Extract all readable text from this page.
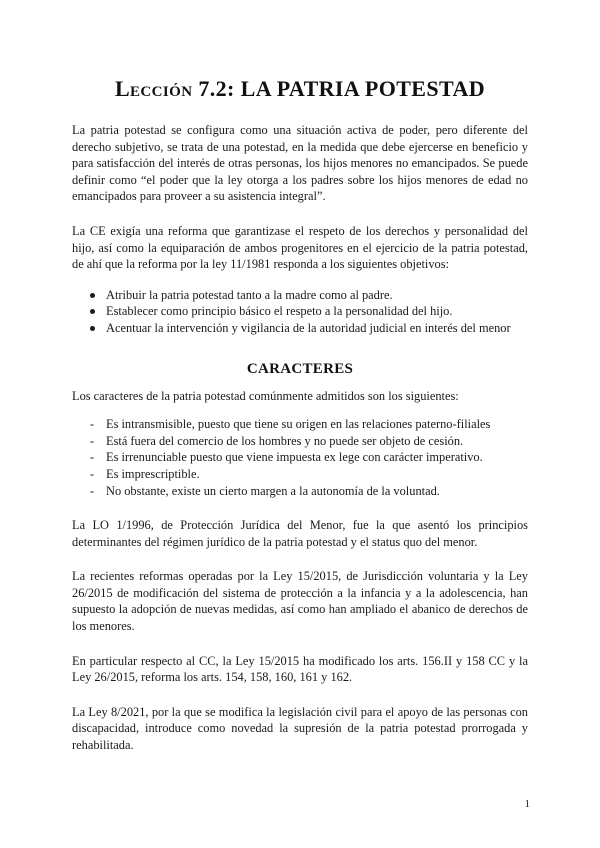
Lección 7.2: LA PATRIA POTESTAD

La patria potestad se configura como una situación activa de poder, pero diferente del derecho subjetivo, se trata de una potestad, en la medida que debe ejercerse en beneficio y para satisfacción del interés de otras personas, los hijos menores no emancipados. Se puede definir como “el poder que la ley otorga a los padres sobre los hijos menores de edad no emancipados para proveer a su asistencia integral”.

La CE exigía una reforma que garantizase el respeto de los derechos y personalidad del hijo, así como la equiparación de ambos progenitores en el ejercicio de la patria potestad, de ahí que la reforma por la ley 11/1981 responda a los siguientes objetivos:

Atribuir la patria potestad tanto a la madre como al padre.
Establecer como principio básico el respeto a la personalidad del hijo.
Acentuar la intervención y vigilancia de la autoridad judicial en interés del menor
CARACTERES

Los caracteres de la patria potestad comúnmente admitidos son los siguientes:

- Es intransmisible, puesto que tiene su origen en las relaciones paterno-filiales
- Está fuera del comercio de los hombres y no puede ser objeto de cesión.
- Es irrenunciable puesto que viene impuesta ex lege con carácter imperativo.
- Es imprescriptible.
- No obstante, existe un cierto margen a la autonomía de la voluntad.

La LO 1/1996, de Protección Jurídica del Menor, fue la que asentó los principios determinantes del régimen jurídico de la patria potestad y el status quo del menor.

La recientes reformas operadas por la Ley 15/2015, de Jurisdicción voluntaria y la Ley 26/2015 de modificación del sistema de protección a la infancia y a la adolescencia, han supuesto la adopción de nuevas medidas, así como han ampliado el abanico de derechos de los menores.

En particular respecto al CC, la Ley 15/2015 ha modificado los arts. 156.II y 158 CC y la Ley 26/2015, reforma los arts. 154, 158, 160, 161 y 162.

La Ley 8/2021, por la que se modifica la legislación civil para el apoyo de las personas con discapacidad, introduce como novedad la supresión de la patria potestad prorrogada y rehabilitada.

1
